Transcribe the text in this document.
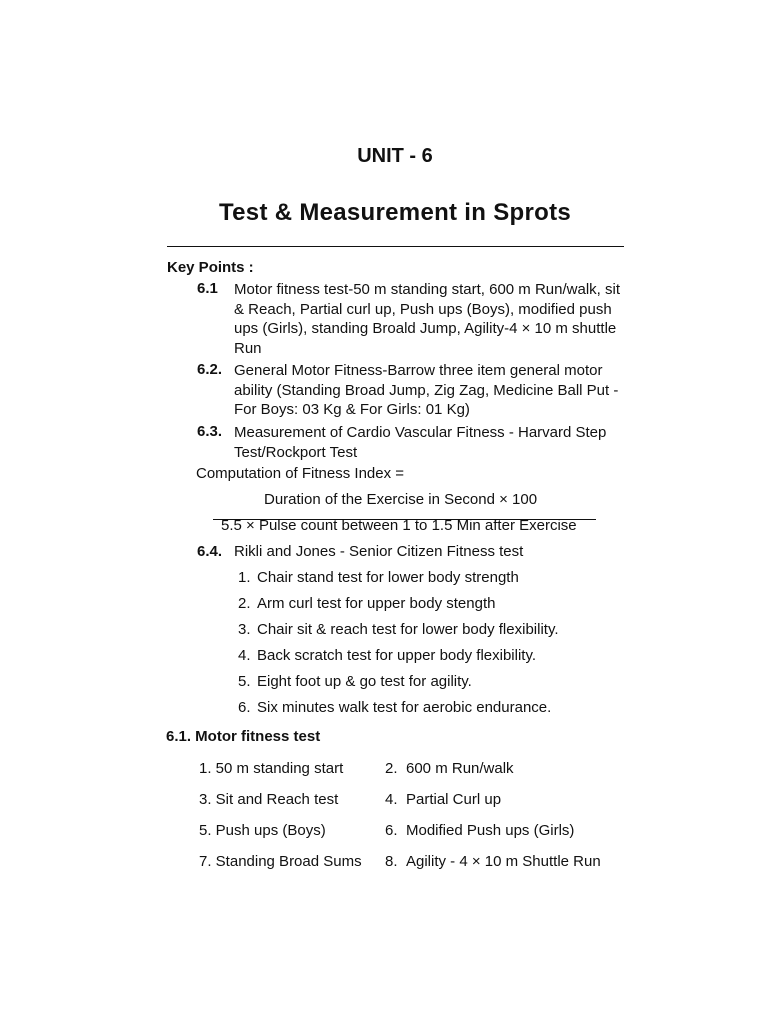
UNIT - 6
Test & Measurement in Sprots
Key Points :
6.1 Motor fitness test-50 m standing start, 600 m Run/walk, sit & Reach, Partial curl up, Push ups (Boys), modified push ups (Girls), standing Broald Jump, Agility-4 × 10 m shuttle Run
6.2. General Motor Fitness-Barrow three item general motor ability (Standing Broad Jump, Zig Zag, Medicine Ball Put - For Boys: 03 Kg & For Girls: 01 Kg)
6.3. Measurement of Cardio Vascular Fitness - Harvard Step Test/Rockport Test
Computation of Fitness Index =
Duration of the Exercise in Second × 100
5.5 × Pulse count between 1 to 1.5 Min after Exercise
6.4. Rikli and Jones - Senior Citizen Fitness test
1. Chair stand test for lower body strength
2. Arm curl test for upper body stength
3. Chair sit & reach test for lower body flexibility.
4. Back scratch test for upper body flexibility.
5. Eight foot up & go test for agility.
6. Six minutes walk test for aerobic endurance.
6.1. Motor fitness test
1. 50 m standing start	2. 600 m Run/walk
3. Sit and Reach test	4. Partial Curl up
5. Push ups (Boys)	6. Modified Push ups (Girls)
7. Standing Broad Sums 8. Agility - 4 × 10 m Shuttle Run
